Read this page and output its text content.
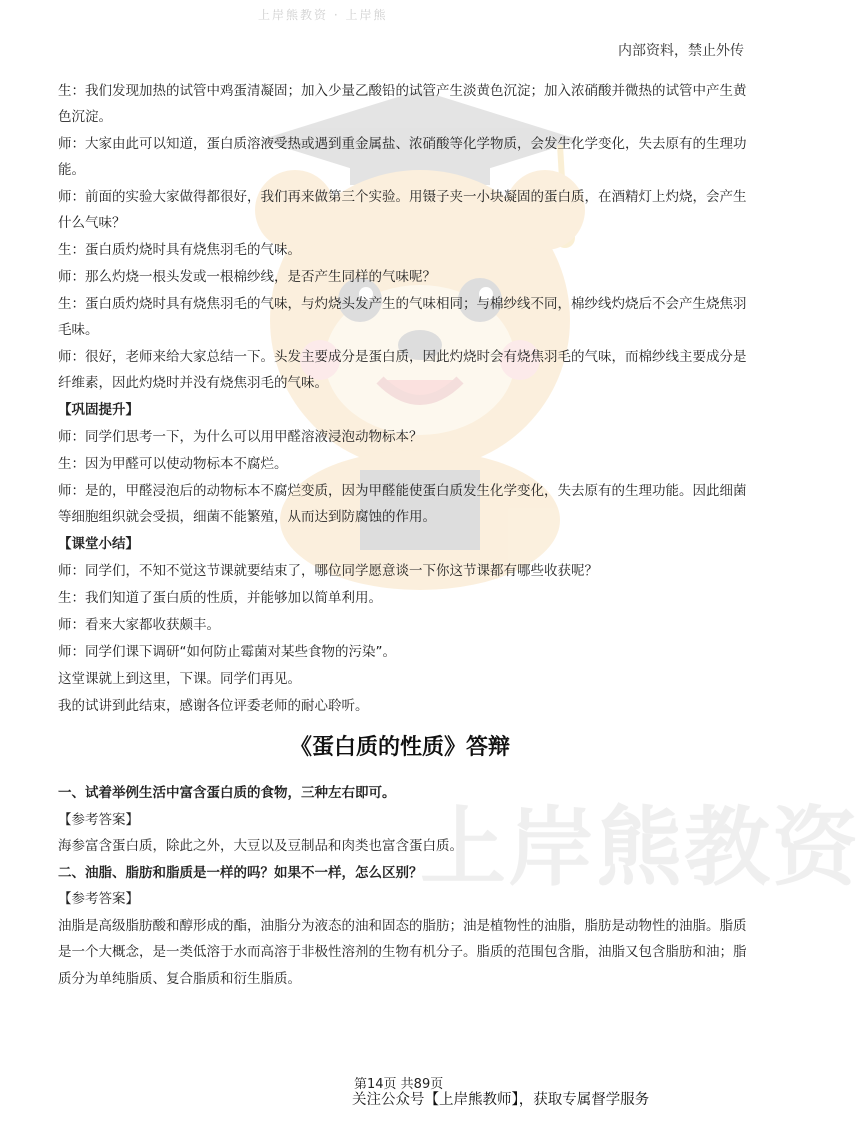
上岸熊教资 · 上岸熊
内部资料，禁止外传
上岸熊教资

生：我们发现加热的试管中鸡蛋清凝固；加入少量乙酸铅的试管产生淡黄色沉淀；加入浓硝酸并微热的试管中产生黄色沉淀。

师：大家由此可以知道，蛋白质溶液受热或遇到重金属盐、浓硝酸等化学物质，会发生化学变化，失去原有的生理功能。

师：前面的实验大家做得都很好，我们再来做第三个实验。用镊子夹一小块凝固的蛋白质，在酒精灯上灼烧，会产生什么气味？

生：蛋白质灼烧时具有烧焦羽毛的气味。

师：那么灼烧一根头发或一根棉纱线，是否产生同样的气味呢？

生：蛋白质灼烧时具有烧焦羽毛的气味，与灼烧头发产生的气味相同；与棉纱线不同，棉纱线灼烧后不会产生烧焦羽毛味。

师：很好，老师来给大家总结一下。头发主要成分是蛋白质，因此灼烧时会有烧焦羽毛的气味，而棉纱线主要成分是纤维素，因此灼烧时并没有烧焦羽毛的气味。

【巩固提升】

师：同学们思考一下，为什么可以用甲醛溶液浸泡动物标本？

生：因为甲醛可以使动物标本不腐烂。

师：是的，甲醛浸泡后的动物标本不腐烂变质，因为甲醛能使蛋白质发生化学变化，失去原有的生理功能。因此细菌等细胞组织就会受损，细菌不能繁殖，从而达到防腐蚀的作用。

【课堂小结】

师：同学们，不知不觉这节课就要结束了，哪位同学愿意谈一下你这节课都有哪些收获呢？

生：我们知道了蛋白质的性质，并能够加以简单利用。

师：看来大家都收获颇丰。

师：同学们课下调研“如何防止霉菌对某些食物的污染”。

这堂课就上到这里，下课。同学们再见。

我的试讲到此结束，感谢各位评委老师的耐心聆听。

《蛋白质的性质》答辩

一、试着举例生活中富含蛋白质的食物，三种左右即可。

【参考答案】

海参富含蛋白质，除此之外，大豆以及豆制品和肉类也富含蛋白质。

二、油脂、脂肪和脂质是一样的吗？如果不一样，怎么区别？

【参考答案】

油脂是高级脂肪酸和醇形成的酯，油脂分为液态的油和固态的脂肪；油是植物性的油脂，脂肪是动物性的油脂。脂质是一个大概念，是一类低溶于水而高溶于非极性溶剂的生物有机分子。脂质的范围包含脂，油脂又包含脂肪和油；脂质分为单纯脂质、复合脂质和衍生脂质。

第14页 共89页
关注公众号【上岸熊教师】，获取专属督学服务
